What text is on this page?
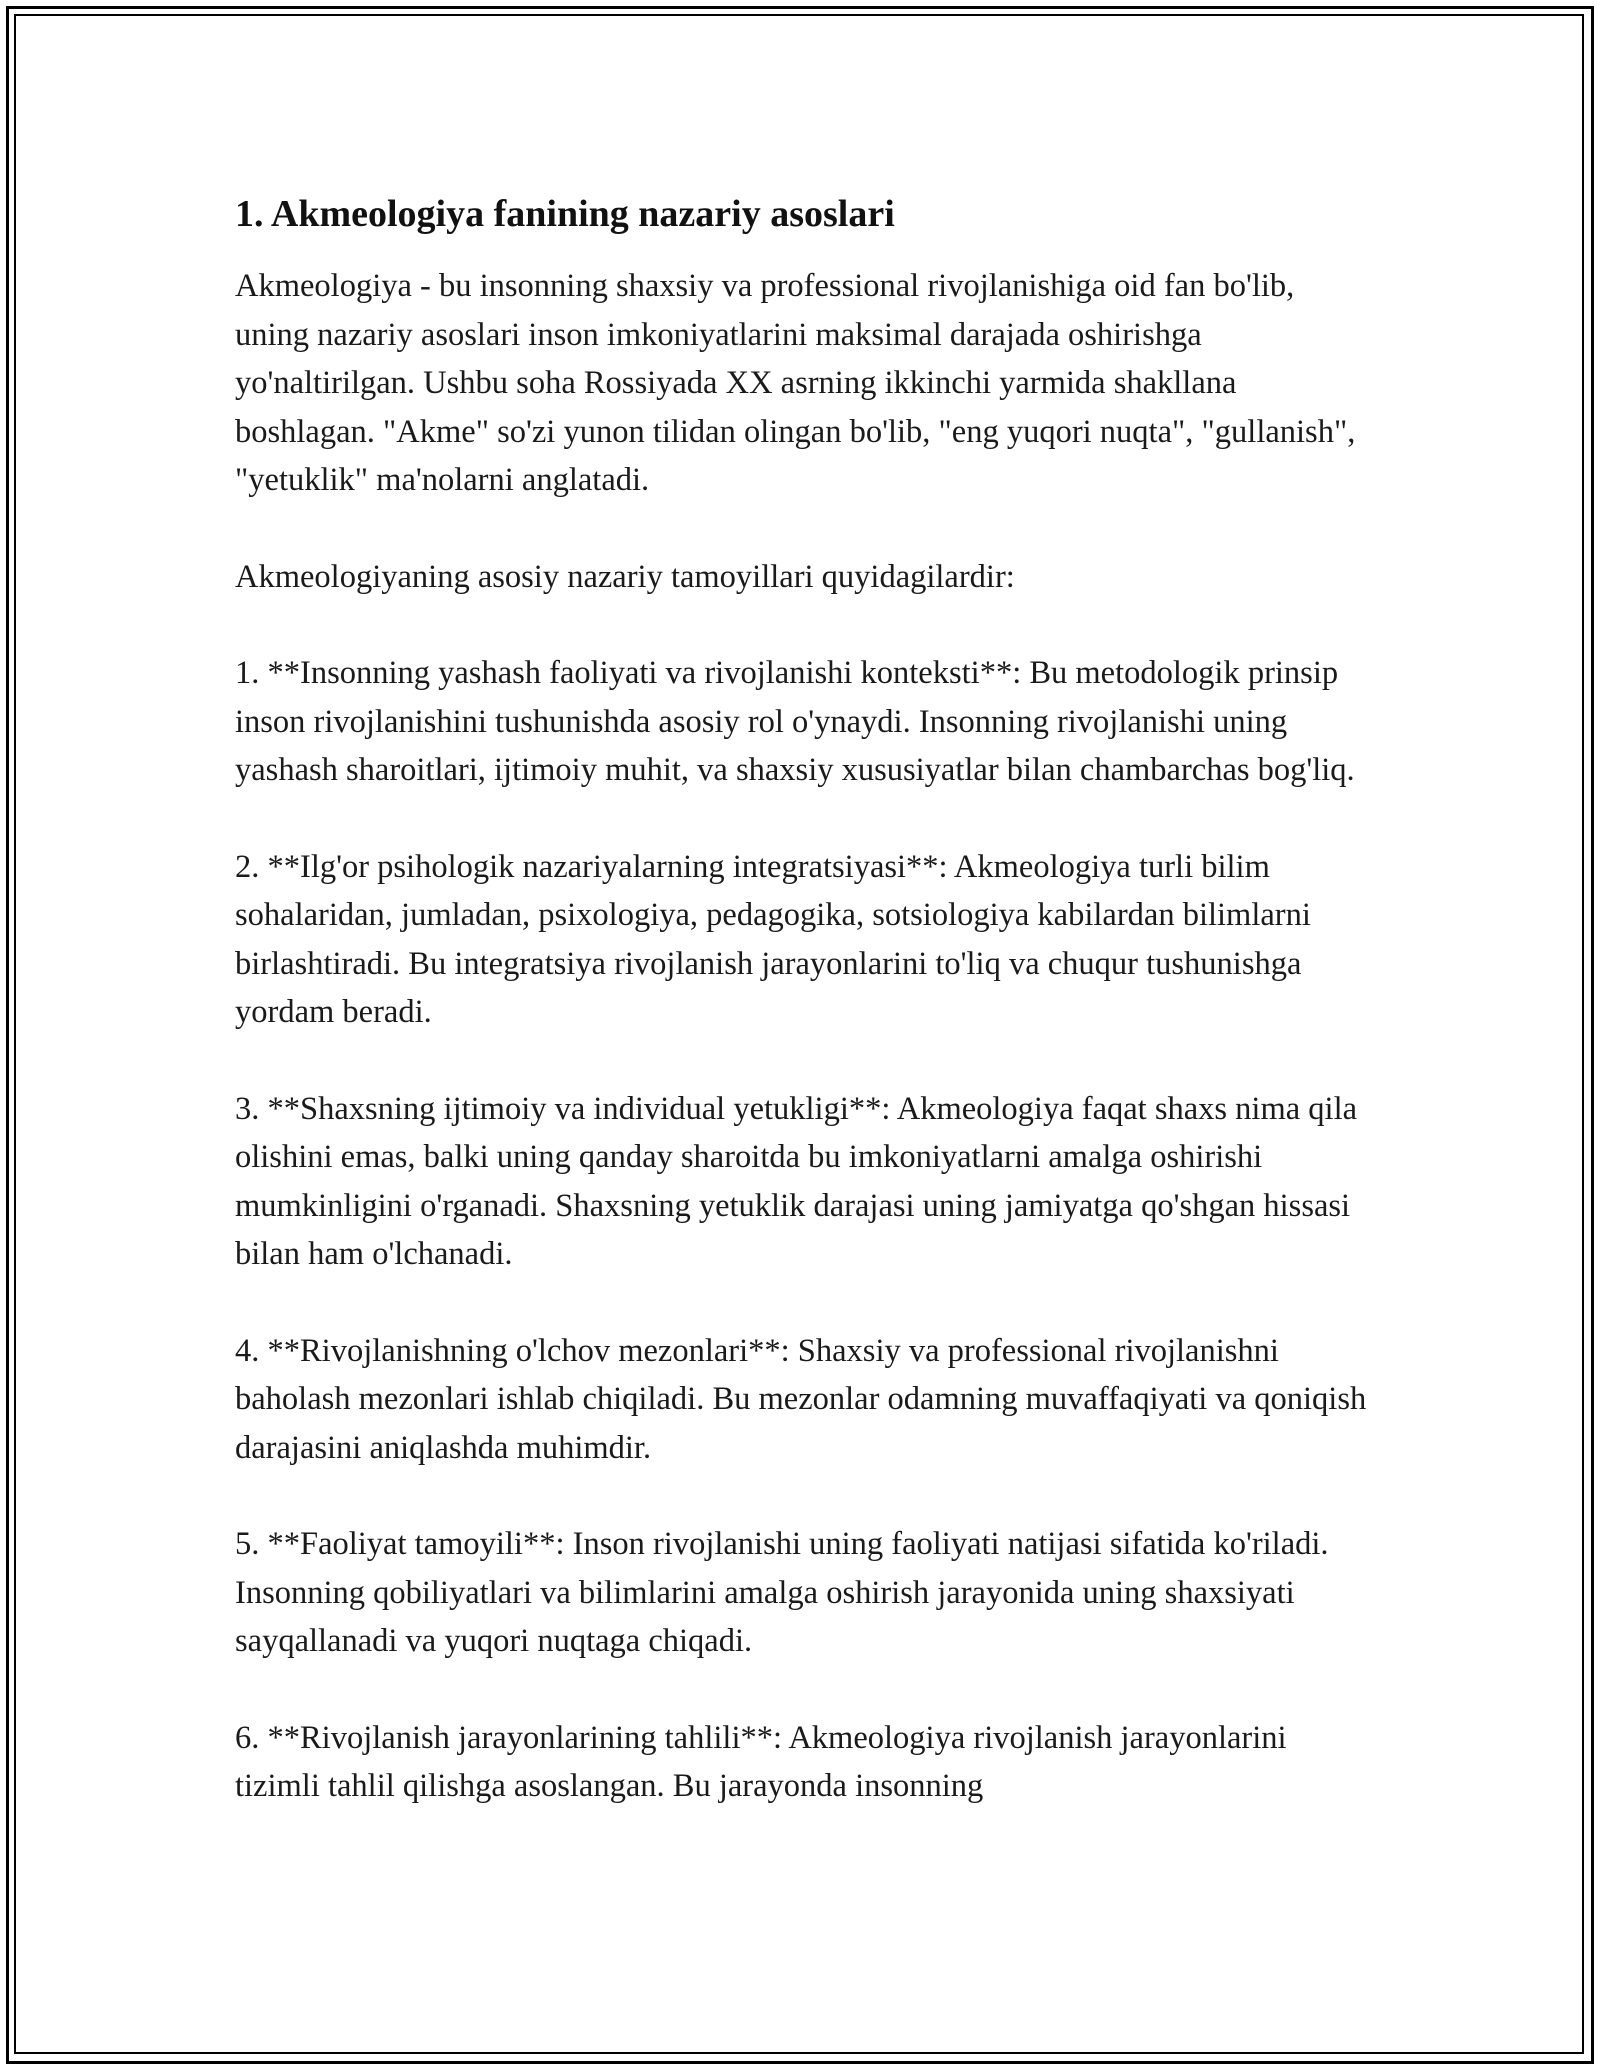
1. Akmeologiya fanining nazariy asoslari

Akmeologiya - bu insonning shaxsiy va professional rivojlanishiga oid fan bo'lib, uning nazariy asoslari inson imkoniyatlarini maksimal darajada oshirishga yo'naltirilgan. Ushbu soha Rossiyada XX asrning ikkinchi yarmida shakllana boshlagan. "Akme" so'zi yunon tilidan olingan bo'lib, "eng yuqori nuqta", "gullanish", "yetuklik" ma'nolarni anglatadi.

Akmeologiyaning asosiy nazariy tamoyillari quyidagilardir:

1. **Insonning yashash faoliyati va rivojlanishi konteksti**: Bu metodologik prinsip inson rivojlanishini tushunishda asosiy rol o'ynaydi. Insonning rivojlanishi uning yashash sharoitlari, ijtimoiy muhit, va shaxsiy xususiyatlar bilan chambarchas bog'liq.

2. **Ilg'or psihologik nazariyalarning integratsiyasi**: Akmeologiya turli bilim sohalaridan, jumladan, psixologiya, pedagogika, sotsiologiya kabilardan bilimlarni birlashtiradi. Bu integratsiya rivojlanish jarayonlarini to'liq va chuqur tushunishga yordam beradi.

3. **Shaxsning ijtimoiy va individual yetukligi**: Akmeologiya faqat shaxs nima qila olishini emas, balki uning qanday sharoitda bu imkoniyatlarni amalga oshirishi mumkinligini o'rganadi. Shaxsning yetuklik darajasi uning jamiyatga qo'shgan hissasi bilan ham o'lchanadi.

4. **Rivojlanishning o'lchov mezonlari**: Shaxsiy va professional rivojlanishni baholash mezonlari ishlab chiqiladi. Bu mezonlar odamning muvaffaqiyati va qoniqish darajasini aniqlashda muhimdir.

5. **Faoliyat tamoyili**: Inson rivojlanishi uning faoliyati natijasi sifatida ko'riladi. Insonning qobiliyatlari va bilimlarini amalga oshirish jarayonida uning shaxsiyati sayqallanadi va yuqori nuqtaga chiqadi.

6. **Rivojlanish jarayonlarining tahlili**: Akmeologiya rivojlanish jarayonlarini tizimli tahlil qilishga asoslangan. Bu jarayonda insonning
